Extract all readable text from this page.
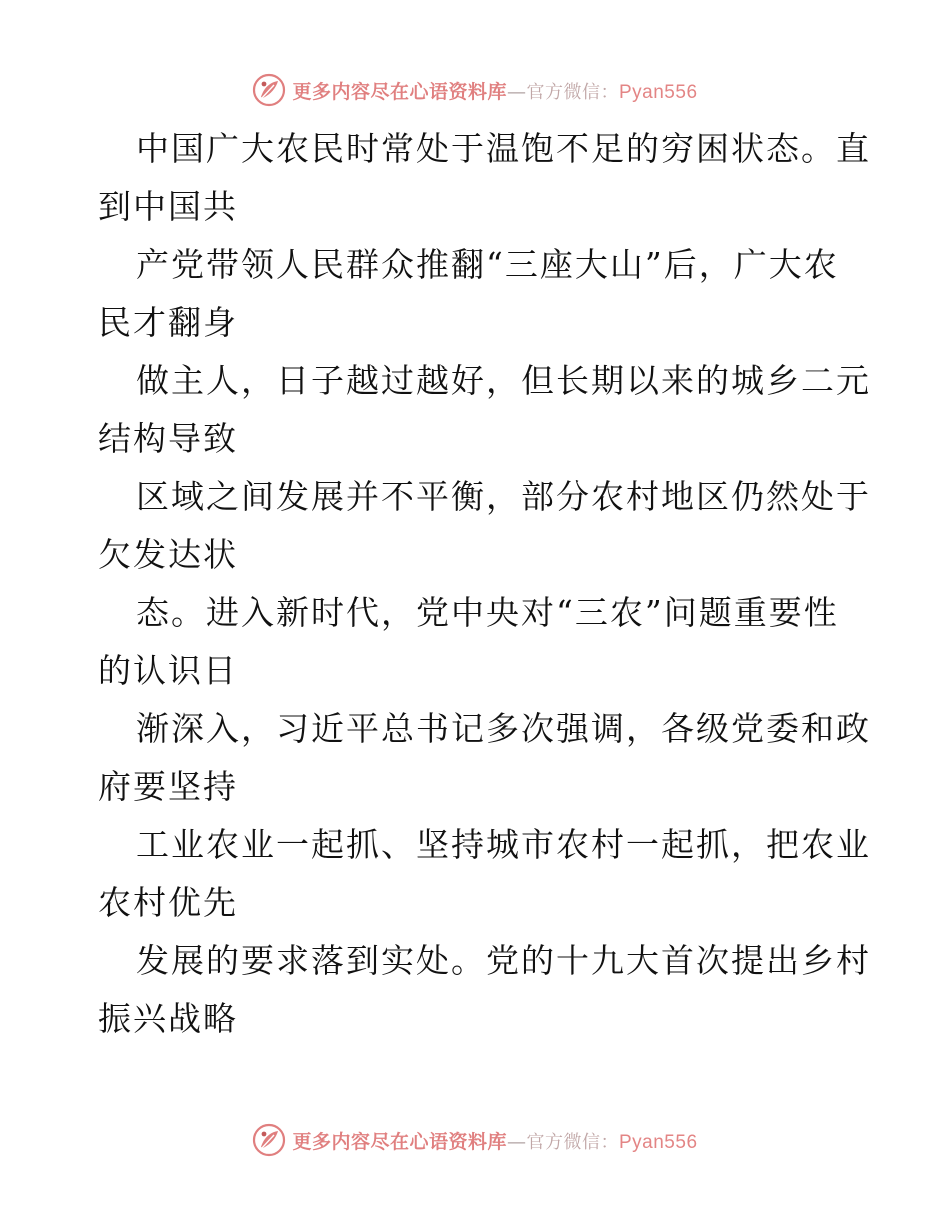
更多内容尽在心语资料库—官方微信：Pyan556
中国广大农民时常处于温饱不足的穷困状态。直
到中国共
产党带领人民群众推翻“三座大山”后，广大农
民才翻身
做主人，日子越过越好，但长期以来的城乡二元
结构导致
区域之间发展并不平衡，部分农村地区仍然处于
欠发达状
态。进入新时代，党中央对“三农”问题重要性
的认识日
渐深入，习近平总书记多次强调，各级党委和政
府要坚持
工业农业一起抓、坚持城市农村一起抓，把农业
农村优先
发展的要求落到实处。党的十九大首次提出乡村
振兴战略
更多内容尽在心语资料库—官方微信：Pyan556
